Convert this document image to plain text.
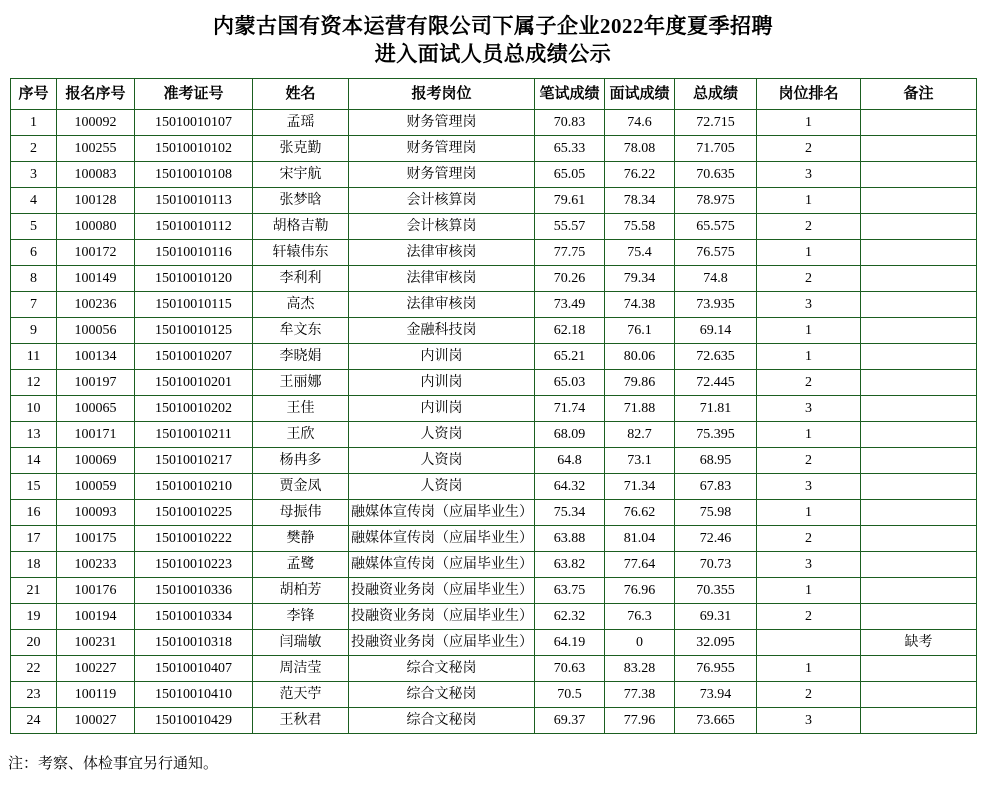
内蒙古国有资本运营有限公司下属子企业2022年度夏季招聘
进入面试人员总成绩公示
序号	报名序号	准考证号	姓名	报考岗位	笔试成绩	面试成绩	总成绩	岗位排名	备注
1	100092	15010010107	孟瑶	财务管理岗	70.83	74.6	72.715	1	
2	100255	15010010102	张克勤	财务管理岗	65.33	78.08	71.705	2	
3	100083	15010010108	宋宇航	财务管理岗	65.05	76.22	70.635	3	
4	100128	15010010113	张梦晗	会计核算岗	79.61	78.34	78.975	1	
5	100080	15010010112	胡格吉勒	会计核算岗	55.57	75.58	65.575	2	
6	100172	15010010116	轩辕伟东	法律审核岗	77.75	75.4	76.575	1	
8	100149	15010010120	李利利	法律审核岗	70.26	79.34	74.8	2	
7	100236	15010010115	高杰	法律审核岗	73.49	74.38	73.935	3	
9	100056	15010010125	牟文东	金融科技岗	62.18	76.1	69.14	1	
11	100134	15010010207	李晓娟	内训岗	65.21	80.06	72.635	1	
12	100197	15010010201	王丽娜	内训岗	65.03	79.86	72.445	2	
10	100065	15010010202	王佳	内训岗	71.74	71.88	71.81	3	
13	100171	15010010211	王欣	人资岗	68.09	82.7	75.395	1	
14	100069	15010010217	杨冉多	人资岗	64.8	73.1	68.95	2	
15	100059	15010010210	贾金凤	人资岗	64.32	71.34	67.83	3	
16	100093	15010010225	母振伟	融媒体宣传岗（应届毕业生）	75.34	76.62	75.98	1	
17	100175	15010010222	樊静	融媒体宣传岗（应届毕业生）	63.88	81.04	72.46	2	
18	100233	15010010223	孟鹭	融媒体宣传岗（应届毕业生）	63.82	77.64	70.73	3	
21	100176	15010010336	胡柏芳	投融资业务岗（应届毕业生）	63.75	76.96	70.355	1	
19	100194	15010010334	李锋	投融资业务岗（应届毕业生）	62.32	76.3	69.31	2	
20	100231	15010010318	闫瑞敏	投融资业务岗（应届毕业生）	64.19	0	32.095		缺考
22	100227	15010010407	周洁莹	综合文秘岗	70.63	83.28	76.955	1	
23	100119	15010010410	范天苧	综合文秘岗	70.5	77.38	73.94	2	
24	100027	15010010429	王秋君	综合文秘岗	69.37	77.96	73.665	3	
注：考察、体检事宜另行通知。
